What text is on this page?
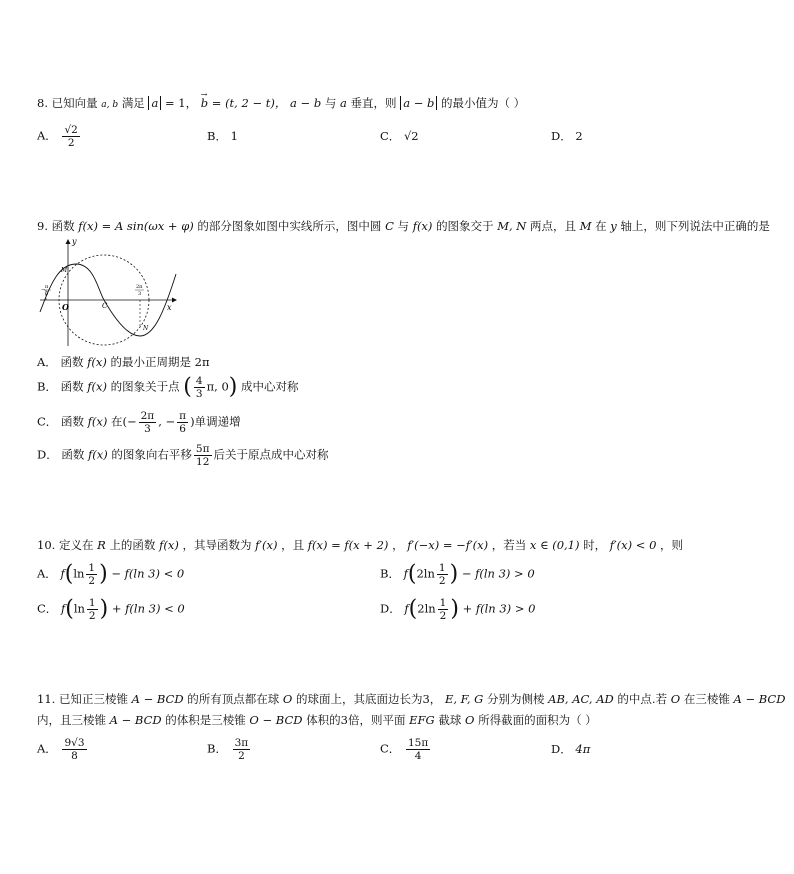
8. 已知向量 a, b 满足 a = 1， → b = (t, 2 − t)， a − b 与 a 垂直，则 a − b 的最小值为（ ）
A． $\frac{√2}{2}$	B． 1	C． √2	D． 2
9. 函数 f(x) = A sin(ωx + φ) 的部分图象如图中实线所示，图中圆 C 与 f(x) 的图象交于 M, N 两点，且 M 在 y 轴上，则下列说法中正确的是
y
x
O
M
N
C
− π
6
2π
3
A． 函数 f(x) 的最小正周期是 2π
B． 函数 f(x) 的图象关于点 ( $\frac{4}{3} \pi$, 0) 成中心对称
C． 函数 f(x) 在(− $\frac{2\pi}{3}$ , − $\frac{\pi}{6}$ )单调递增
D． 函数 f(x) 的图象向右平移 $\frac{5\pi}{12}$ 后关于原点成中心对称
10. 定义在 R 上的函数 f(x) ，其导函数为 f′(x) ，且 f(x) = f(x + 2) ， f′(−x) = −f′(x) ，若当 x ∈ (0,1) 时， f′(x) < 0 ，则
A． $f(\ln \frac{1}{2}$ ) − f(ln 3) < 0	B． $f(2\ln \frac{1}{2}$ ) − f(ln 3) > 0
C． $f(\ln \frac{1}{2}$ ) + f(ln 3) < 0	D． $f(2\ln \frac{1}{2}$ ) + f(ln 3) > 0
11. 已知正三棱锥 A − BCD 的所有顶点都在球 O 的球面上，其底面边长为3， E, F, G 分别为侧棱 AB, AC, AD 的中点.若 O 在三棱锥 A − BCD
内，且三棱锥 A − BCD 的体积是三棱锥 O − BCD 体积的3倍，则平面 EFG 截球 O 所得截面的面积为（ ）
A． $\frac{9√3}{8}$	B． $\frac{3\pi}{2}$	C． $\frac{15\pi}{4}$	D． 4π
